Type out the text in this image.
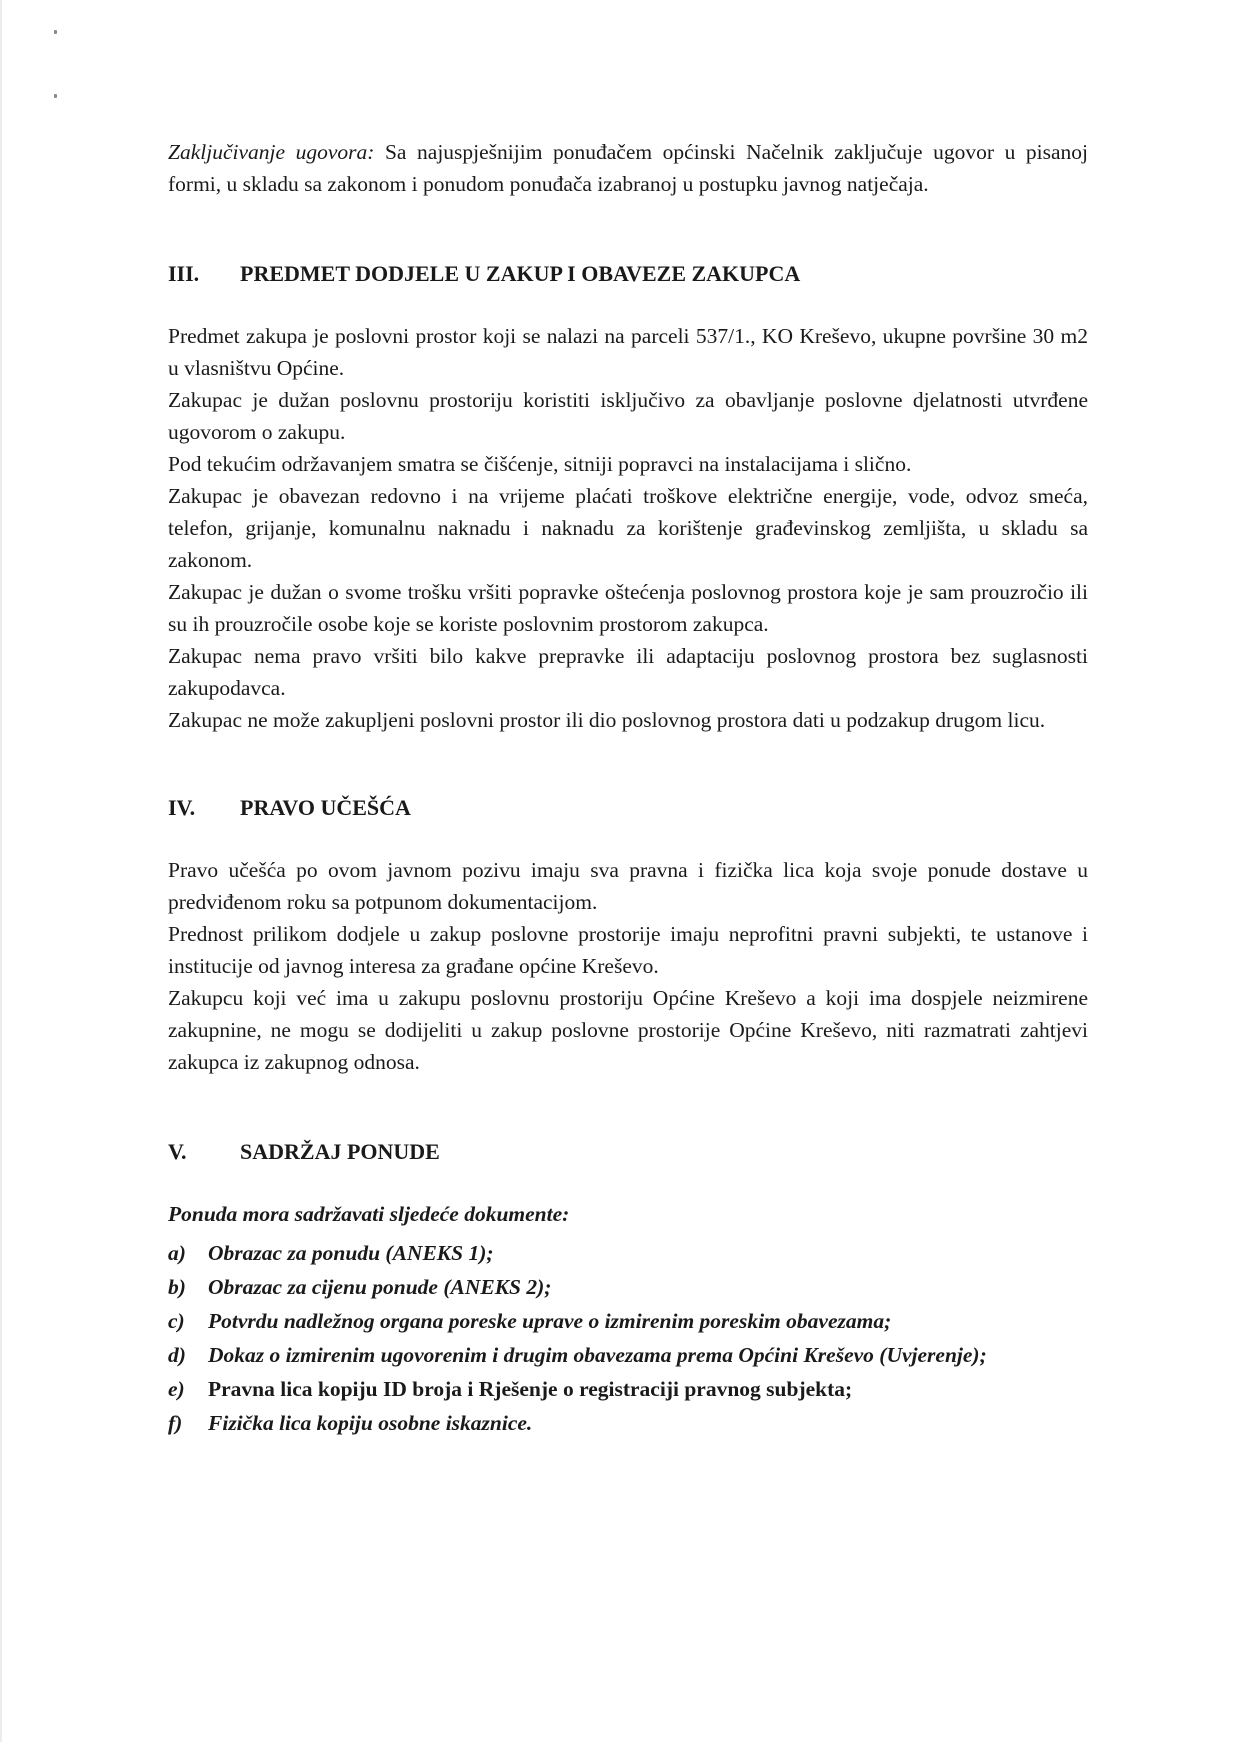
Zaključivanje ugovora: Sa najuspješnijim ponuđačem općinski Načelnik zaključuje ugovor u pisanoj formi, u skladu sa zakonom i ponudom ponuđača izabranoj u postupku javnog natječaja.

III.	PREDMET DODJELE U ZAKUP I OBAVEZE ZAKUPCA

Predmet zakupa je poslovni prostor koji se nalazi na parceli 537/1., KO Kreševo, ukupne površine 30 m2 u vlasništvu Općine.

Zakupac je dužan poslovnu prostoriju koristiti isključivo za obavljanje poslovne djelatnosti utvrđene ugovorom o zakupu.

Pod tekućim održavanjem smatra se čišćenje, sitniji popravci na instalacijama i slično.

Zakupac je obavezan redovno i na vrijeme plaćati troškove električne energije, vode, odvoz smeća, telefon, grijanje, komunalnu naknadu i naknadu za korištenje građevinskog zemljišta, u skladu sa zakonom.

Zakupac je dužan o svome trošku vršiti popravke oštećenja poslovnog prostora koje je sam prouzročio ili su ih prouzročile osobe koje se koriste poslovnim prostorom zakupca.

Zakupac nema pravo vršiti bilo kakve prepravke ili adaptaciju poslovnog prostora bez suglasnosti zakupodavca.

Zakupac ne može zakupljeni poslovni prostor ili dio poslovnog prostora dati u podzakup drugom licu.

IV.	PRAVO UČEŠĆA

Pravo učešća po ovom javnom pozivu imaju sva pravna i fizička lica koja svoje ponude dostave u predviđenom roku sa potpunom dokumentacijom.

Prednost prilikom dodjele u zakup poslovne prostorije imaju neprofitni pravni subjekti, te ustanove i institucije od javnog interesa za građane općine Kreševo.

Zakupcu koji već ima u zakupu poslovnu prostoriju Općine Kreševo a koji ima dospjele neizmirene zakupnine, ne mogu se dodijeliti u zakup poslovne prostorije Općine Kreševo, niti razmatrati zahtjevi zakupca iz zakupnog odnosa.

V.	SADRŽAJ PONUDE

Ponuda mora sadržavati sljedeće dokumente:

a)	Obrazac za ponudu (ANEKS 1);
b)	Obrazac za cijenu ponude (ANEKS 2);
c)	Potvrdu nadležnog organa poreske uprave o izmirenim poreskim obavezama;
d)	Dokaz o izmirenim ugovorenim i drugim obavezama prema Općini Kreševo (Uvjerenje);
e)	Pravna lica kopiju ID broja i Rješenje o registraciji pravnog subjekta;
f)	Fizička lica kopiju osobne iskaznice.
